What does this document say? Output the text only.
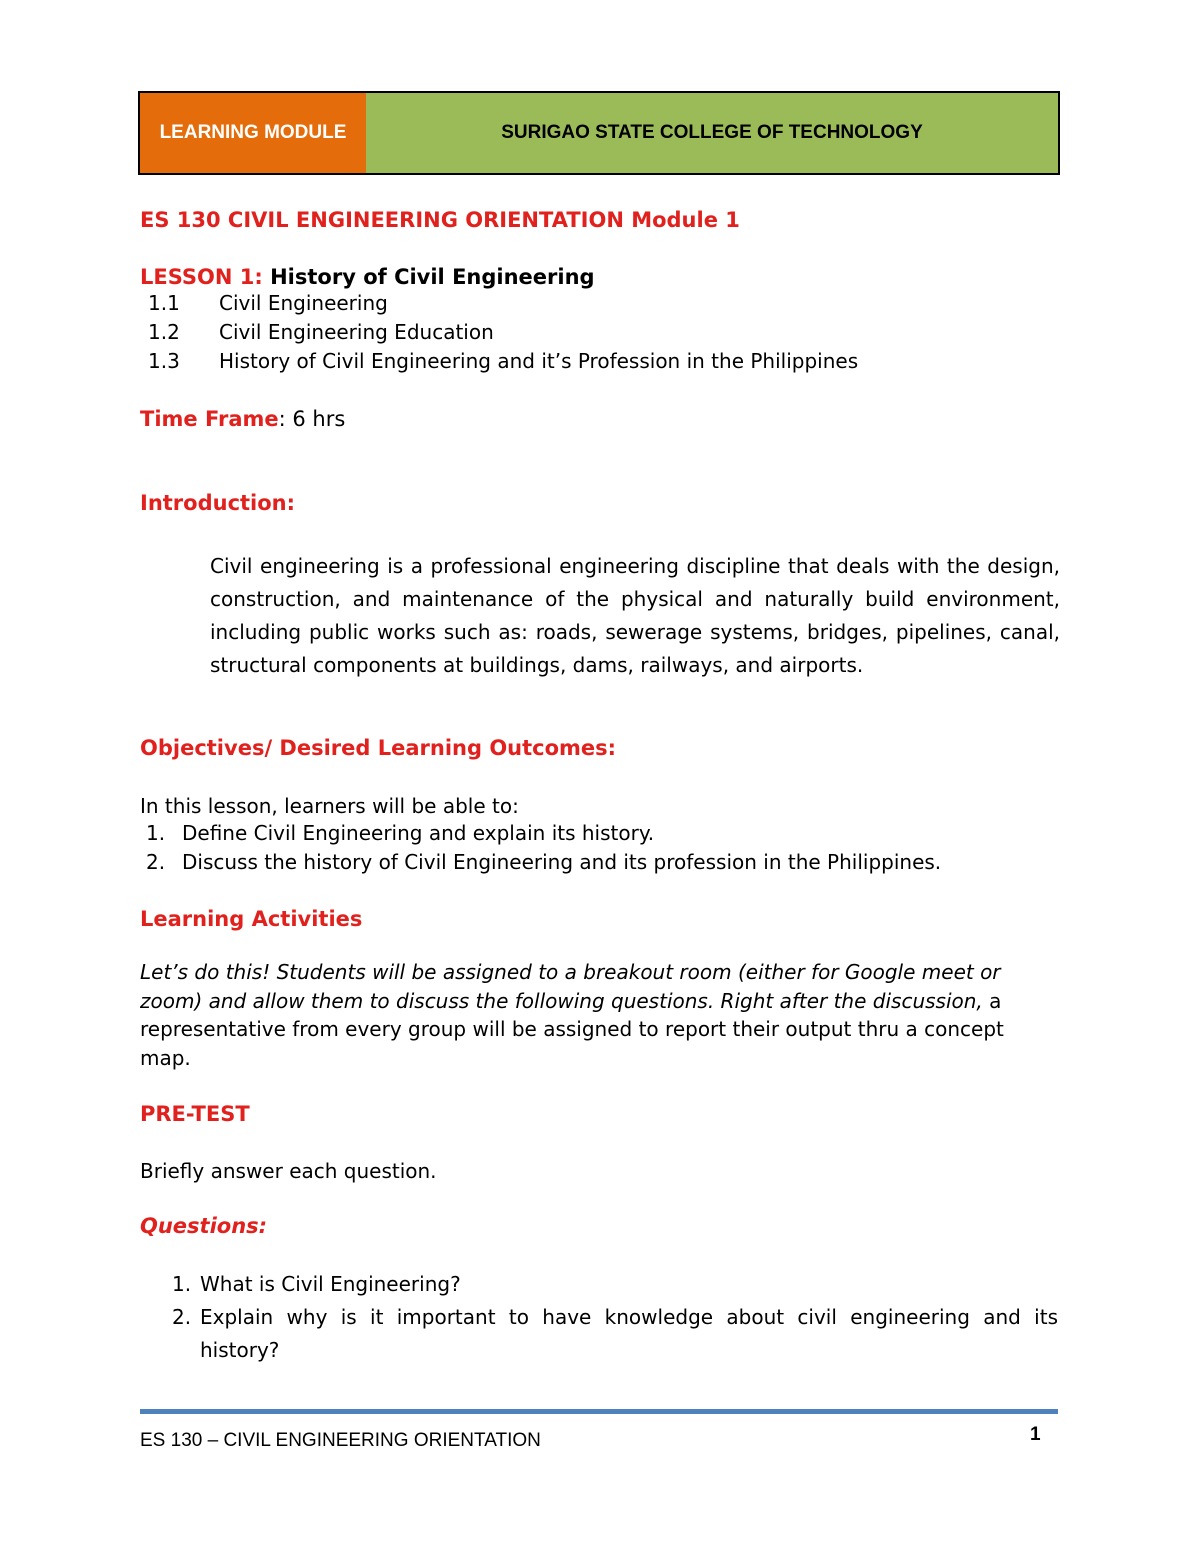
LEARNING MODULE	SURIGAO STATE COLLEGE OF TECHNOLOGY
ES 130 CIVIL ENGINEERING ORIENTATION Module 1
LESSON 1: History of Civil Engineering
1.1	Civil Engineering
1.2	Civil Engineering Education
1.3	History of Civil Engineering and it’s Profession in the Philippines
Time Frame: 6 hrs
Introduction:
Civil engineering is a professional engineering discipline that deals with the design, construction, and maintenance of the physical and naturally build environment, including public works such as: roads, sewerage systems, bridges, pipelines, canal, structural components at buildings, dams, railways, and airports.
Objectives/ Desired Learning Outcomes:
In this lesson, learners will be able to:
1. Define Civil Engineering and explain its history.
2. Discuss the history of Civil Engineering and its profession in the Philippines.
Learning Activities
Let’s do this! Students will be assigned to a breakout room (either for Google meet or zoom) and allow them to discuss the following questions. Right after the discussion, a representative from every group will be assigned to report their output thru a concept map.
PRE-TEST
Briefly answer each question.
Questions:
1. What is Civil Engineering?
2. Explain why is it important to have knowledge about civil engineering and its history?
ES 130 – CIVIL ENGINEERING ORIENTATION	1
